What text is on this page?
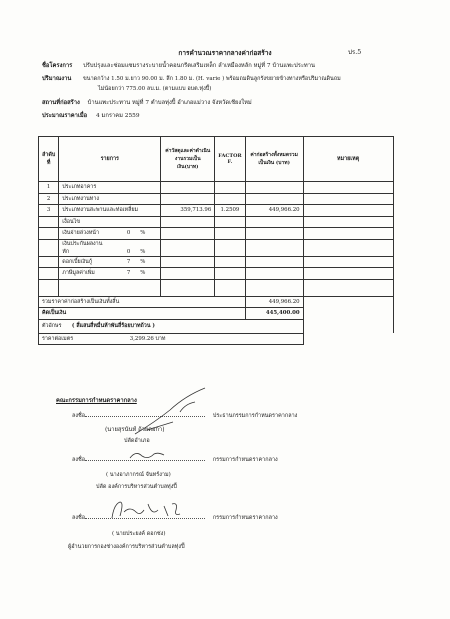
การคำนวณราคากลางค่าก่อสร้าง	ปร.5
ชื่อโครงการ ปรับปรุงและซ่อมแซมรางระบายน้ำคอนกรีตเสริมเหล็ก ลำเหมืองหลัก หมู่ที่ 7 บ้านแพะประทาน
ปริมาณงาน ขนาดกว้าง 1.50 ม.ยาว 90.00 ม. ลึก 1.80 ม. (H. varie ) พร้อมถมดินลูกรังขยายข้างทางหรือปริมาณดินถม
ไม่น้อยกว่า 775.00 ลบ.ม. (ตามแบบ อบต.ทุ่งปี้)
สถานที่ก่อสร้าง บ้านแพะประทาน หมู่ที่ 7 ตำบลทุ่งปี้ อำเภอแม่วาง จังหวัดเชียงใหม่
ประมาณราคาเมื่อ 4 มกราคม 2559
ลำดับที่	รายการ	ค่าวัสดุและค่าดำเนินงานรวมเป็นเงิน(บาท)	FACTOR F.	ค่าก่อสร้างทั้งหมดรวมเป็นเงิน (บาท)	หมายเหตุ
1	ประเภทอาคาร				
2	ประเภทงานทาง				
3	ประเภทงานสะพานและท่อเหลี่ยม	359,713.96	1.2509	449,966.20	
	เงื่อนไข				
	เงินจ่ายล่วงหน้า 0 %				
	เงินประกันผลงานหัก 0 %				
	ดอกเบี้ยเงินกู้ 7 %				
	ภาษีมูลค่าเพิ่ม 7 %				

รวมราคาค่าก่อสร้างเป็นเงินทั้งสิ้น				449,966.20	
คิดเป็นเงิน				445,400.00	
ตัวอักษร ( สี่แสนสี่หมื่นห้าพันสี่ร้อยบาทถ้วน )					
ราคาต่อเมตร		3,299.26 บาท			
คณะกรรมการกำหนดราคากลาง
ลงชื่อ	ประธานกรรมการกำหนดราคากลาง
(นายสุรนันท์ ถ้วยดอกา)
ปลัดอำเภอ
ลงชื่อ	กรรมการกำหนดราคากลาง
( นางอาภากรณ์ จันทร์งาม)
ปลัด องค์การบริหารส่วนตำบลทุ่งปี้
ลงชื่อ	กรรมการกำหนดราคากลาง
( นายประยงค์ ดอกช่ง)
ผู้อำนวยการกองช่างองค์การบริหารส่วนตำบลทุ่งปี้
